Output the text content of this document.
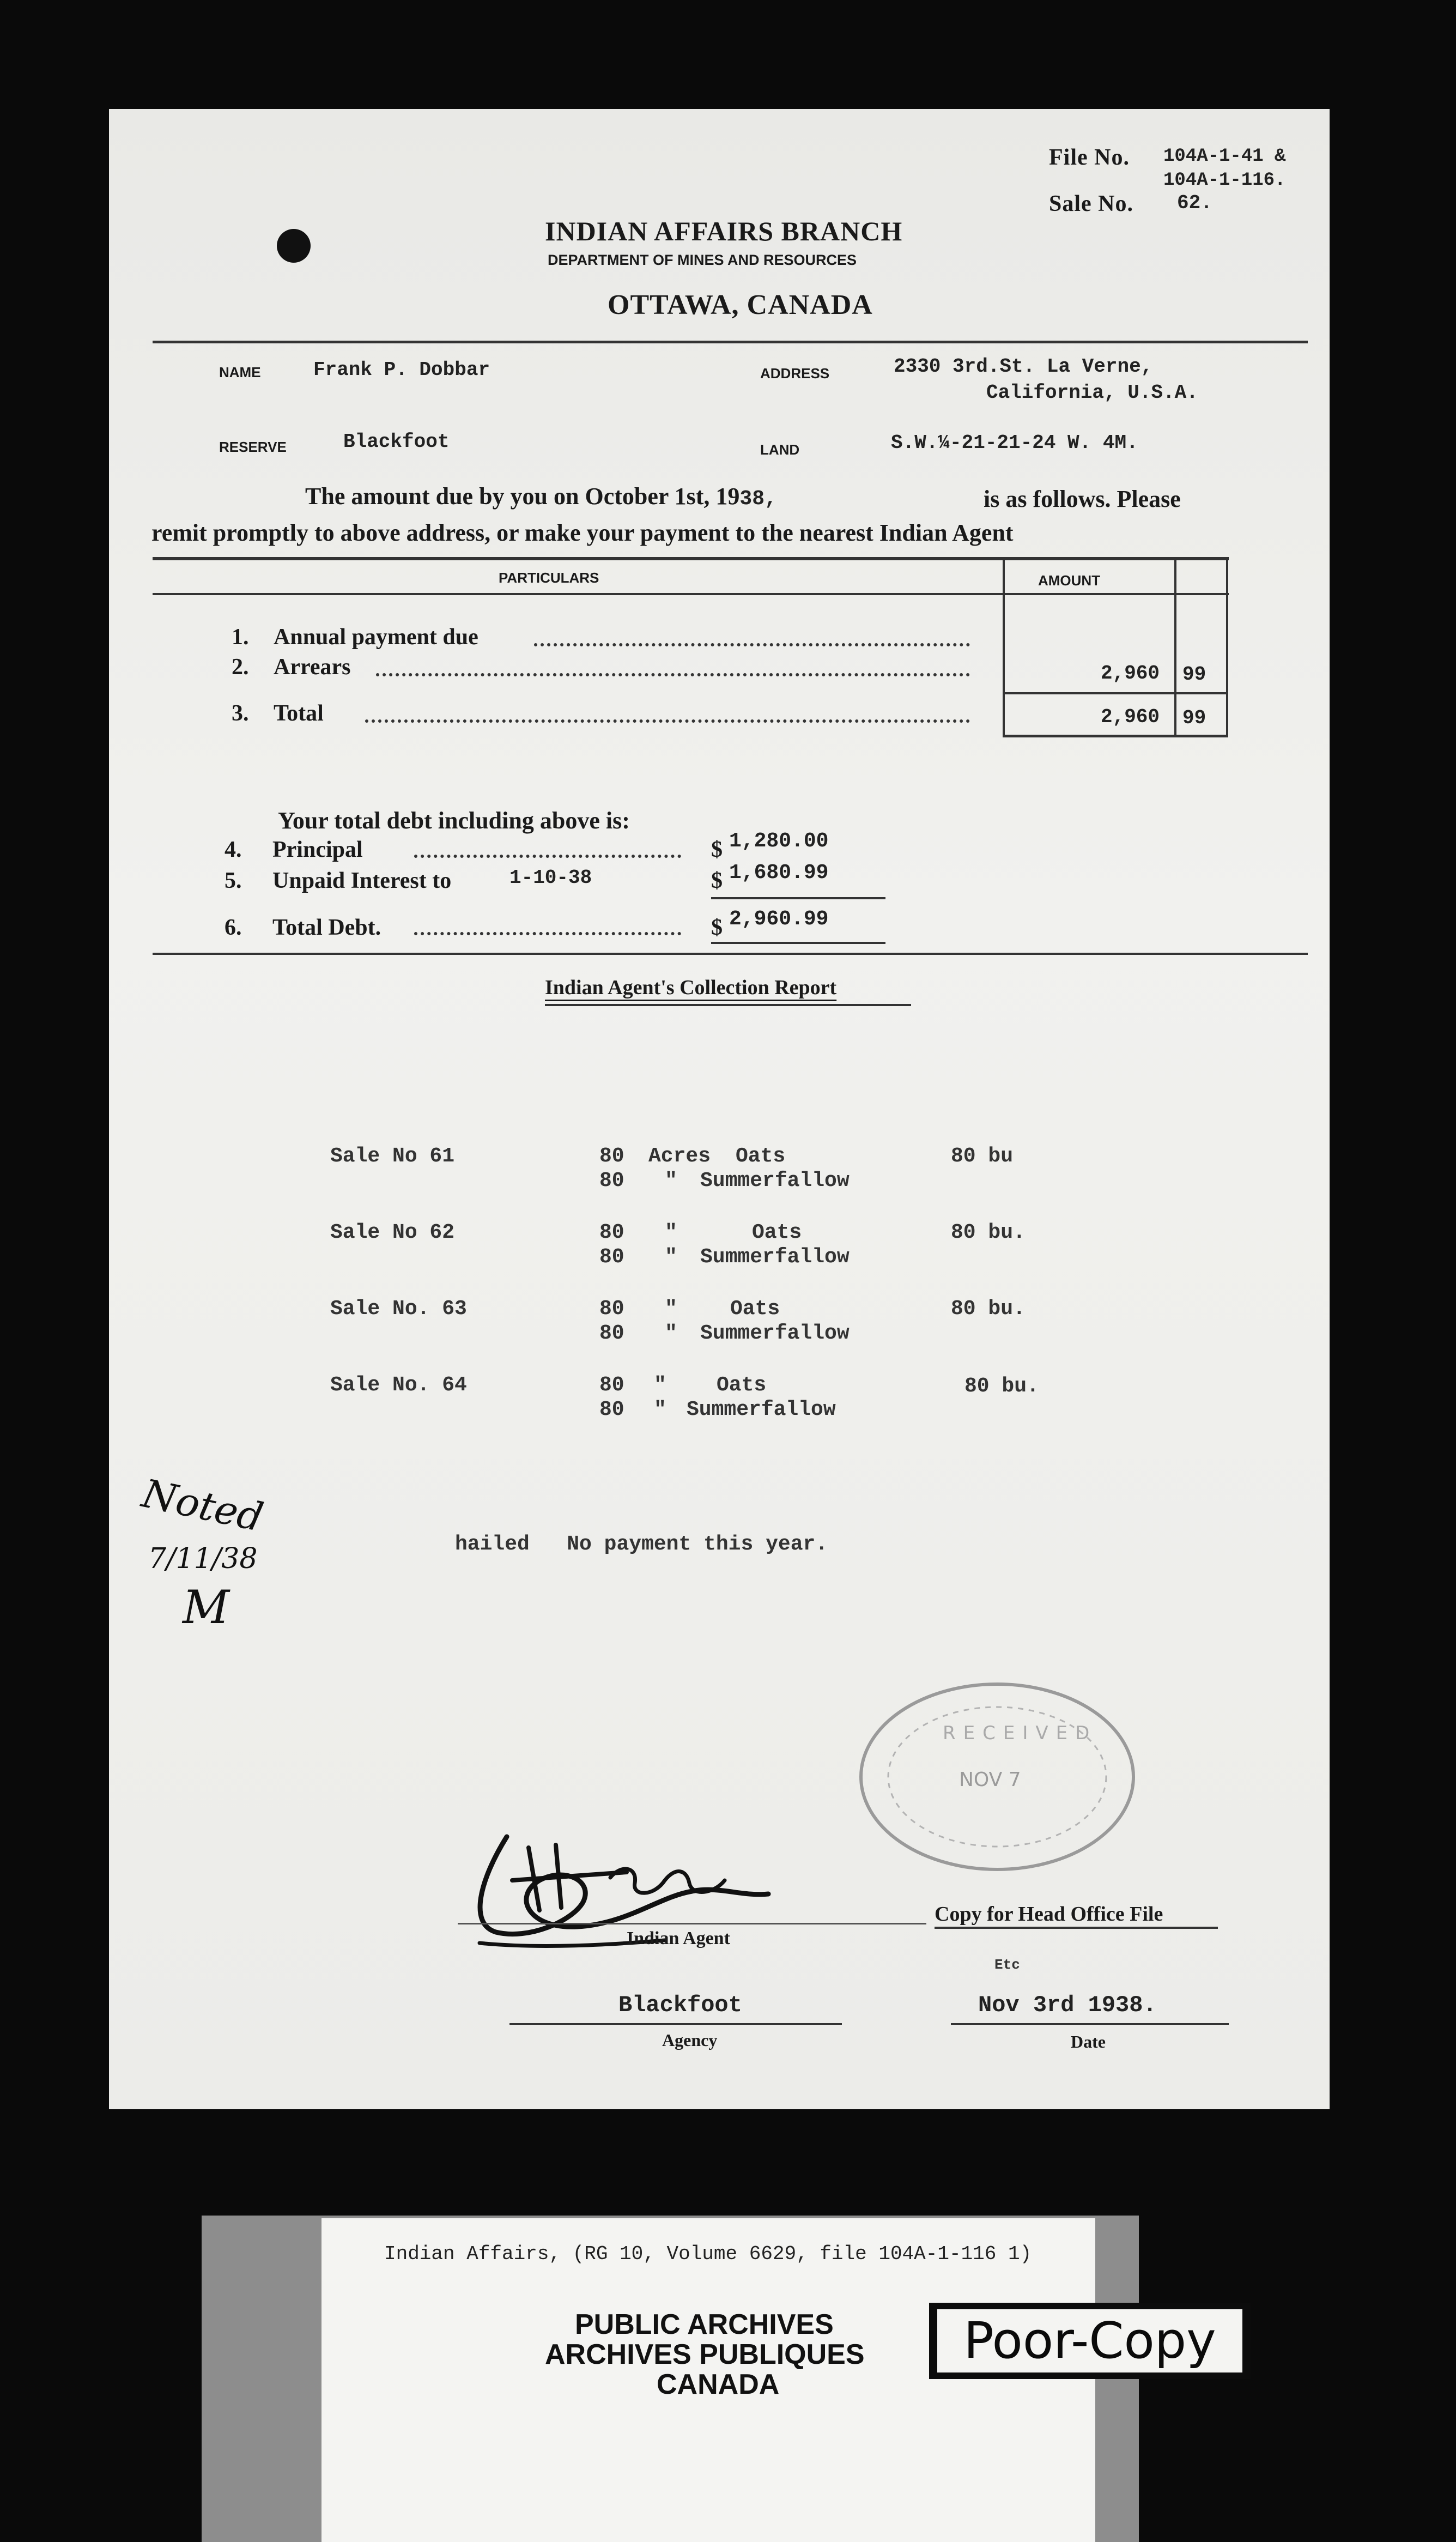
File No. 104A-1-41 &
104A-1-116.
Sale No. 62.
INDIAN AFFAIRS BRANCH
DEPARTMENT OF MINES AND RESOURCES
OTTAWA, CANADA
NAME	Frank P. Dobbar	ADDRESS	2330 3rd.St. La Verne,
California, U.S.A.
RESERVE	Blackfoot	LAND	S.W.¼-21-21-24 W. 4M.
The amount due by you on October 1st, 1938,	is as follows. Please
remit promptly to above address, or make your payment to the nearest Indian Agent
PARTICULARS	AMOUNT
1. Annual payment due
2. Arrears	2,960 99
3. Total	2,960 99
Your total debt including above is:
4. Principal	$ 1,280.00
5. Unpaid Interest to	1-10-38	$ 1,680.99
6. Total Debt.	$ 2,960.99
Indian Agent's Collection Report
Sale No 61	80 Acres Oats	80 bu
80 " Summerfallow
Sale No 62	80 "	Oats	80 bu.
80 " Summerfallow
Sale No. 63	80 "	Oats	80 bu.
80 " Summerfallow
Sale No. 64	80 " Oats	80 bu.
80 " Summerfallow
hailed   No payment this year.
Noted
7/11/38
M
RECEIVED
NOV 7
Indian Agent
Copy for Head Office File
Etc
Blackfoot
Agency
Nov 3rd 1938.
Date
Indian Affairs, (RG 10, Volume 6629, file 104A-1-116 1)
PUBLIC ARCHIVES
ARCHIVES PUBLIQUES
CANADA
Poor-Copy
